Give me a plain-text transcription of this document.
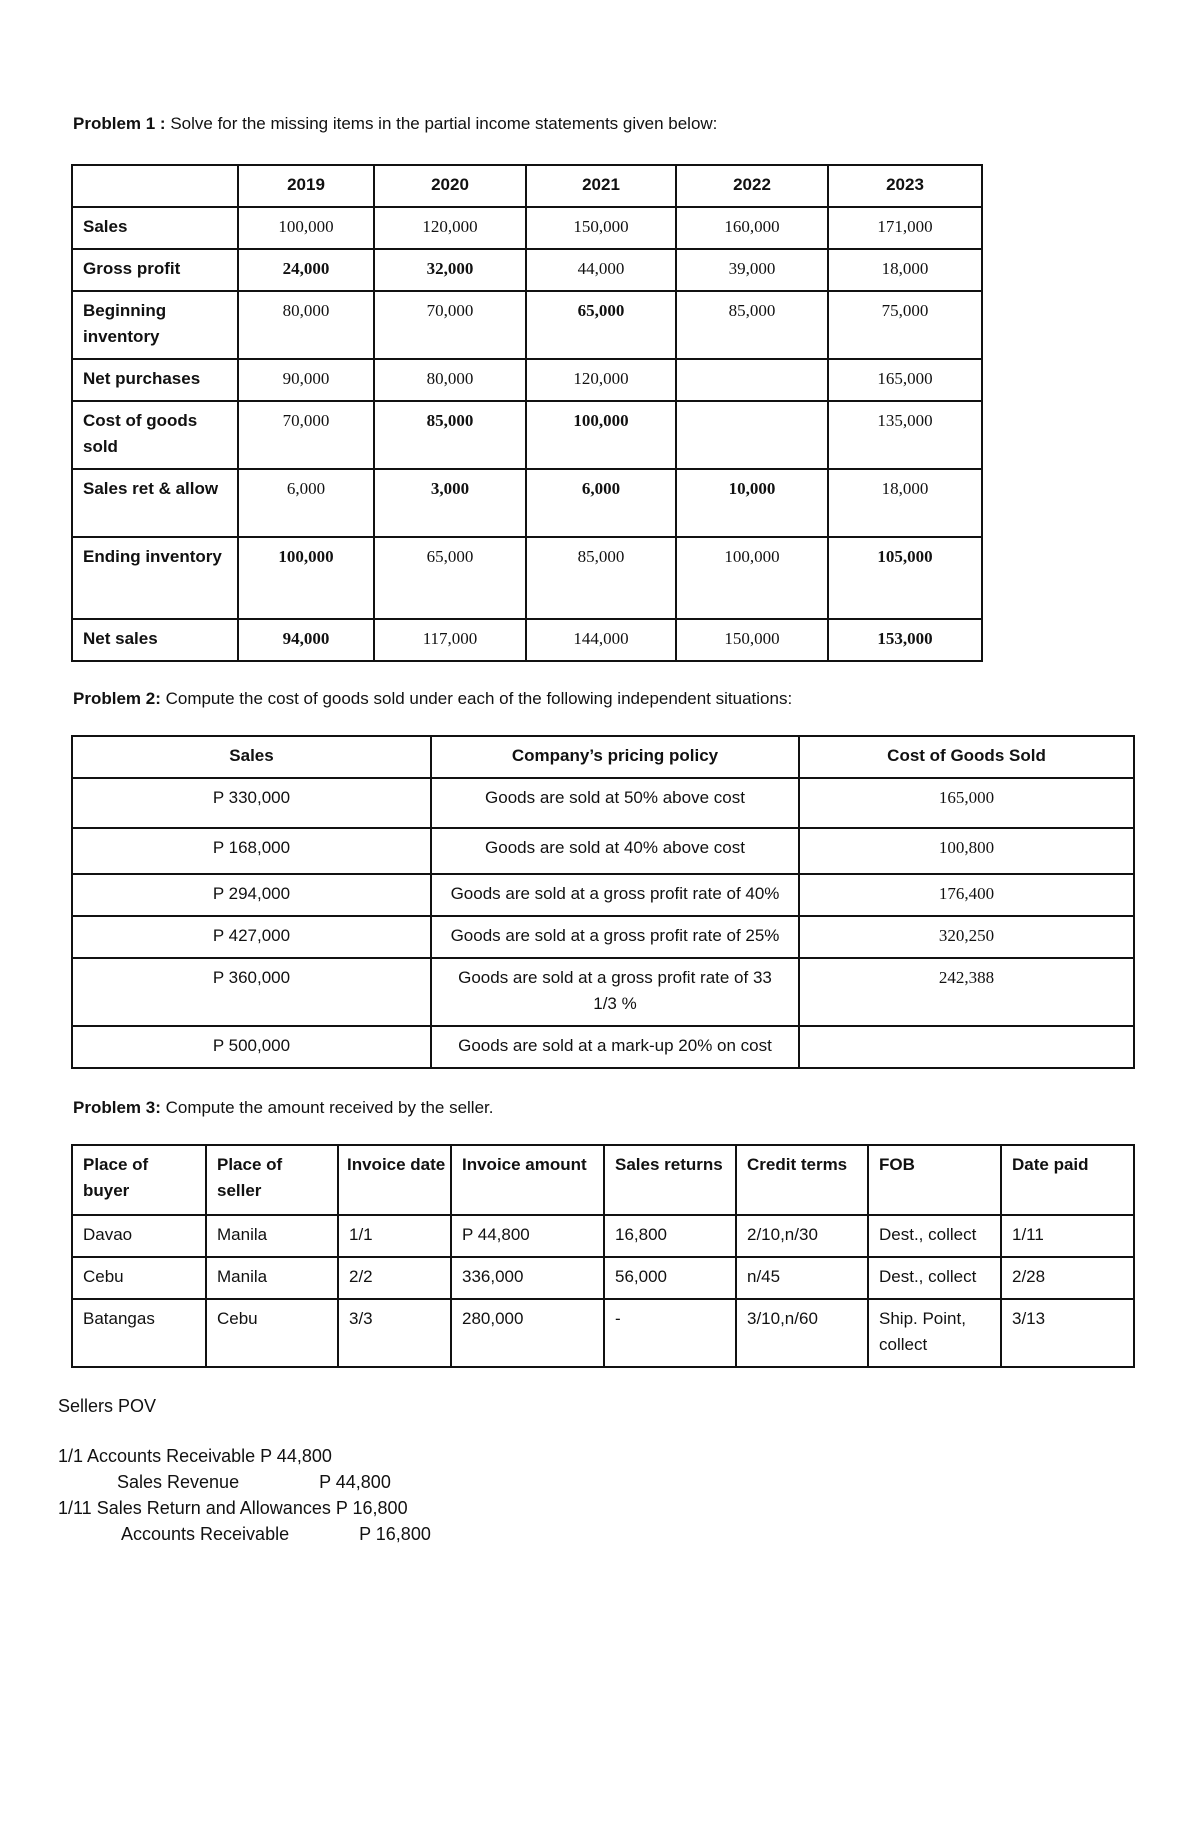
Problem 1 : Solve for the missing items in the partial income statements given below:
	2019	2020	2021	2022	2023
Sales	100,000	120,000	150,000	160,000	171,000
Gross profit	24,000	32,000	44,000	39,000	18,000
Beginning inventory	80,000	70,000	65,000	85,000	75,000
Net purchases	90,000	80,000	120,000		165,000
Cost of goods sold	70,000	85,000	100,000		135,000
Sales ret & allow	6,000	3,000	6,000	10,000	18,000
Ending inventory	100,000	65,000	85,000	100,000	105,000
Net sales	94,000	117,000	144,000	150,000	153,000
Problem 2: Compute the cost of goods sold under each of the following independent situations:
Sales	Company’s pricing policy	Cost of Goods Sold
P 330,000	Goods are sold at 50% above cost	165,000
P 168,000	Goods are sold at 40% above cost	100,800
P 294,000	Goods are sold at a gross profit rate of 40%	176,400
P 427,000	Goods are sold at a gross profit rate of 25%	320,250
P 360,000	Goods are sold at a gross profit rate of 33 1/3 %	242,388
P 500,000	Goods are sold at a mark-up 20% on cost	
Problem 3: Compute the amount received by the seller.
Place of buyer	Place of seller	Invoice date	Invoice amount	Sales returns	Credit terms	FOB	Date paid
Davao	Manila	1/1	P 44,800	16,800	2/10,n/30	Dest., collect	1/11
Cebu	Manila	2/2	336,000	56,000	n/45	Dest., collect	2/28
Batangas	Cebu	3/3	280,000	-	3/10,n/60	Ship. Point, collect	3/13
Sellers POV
1/1 Accounts Receivable P 44,800
Sales Revenue                P 44,800
1/11 Sales Return and Allowances P 16,800
Accounts Receivable              P 16,800
